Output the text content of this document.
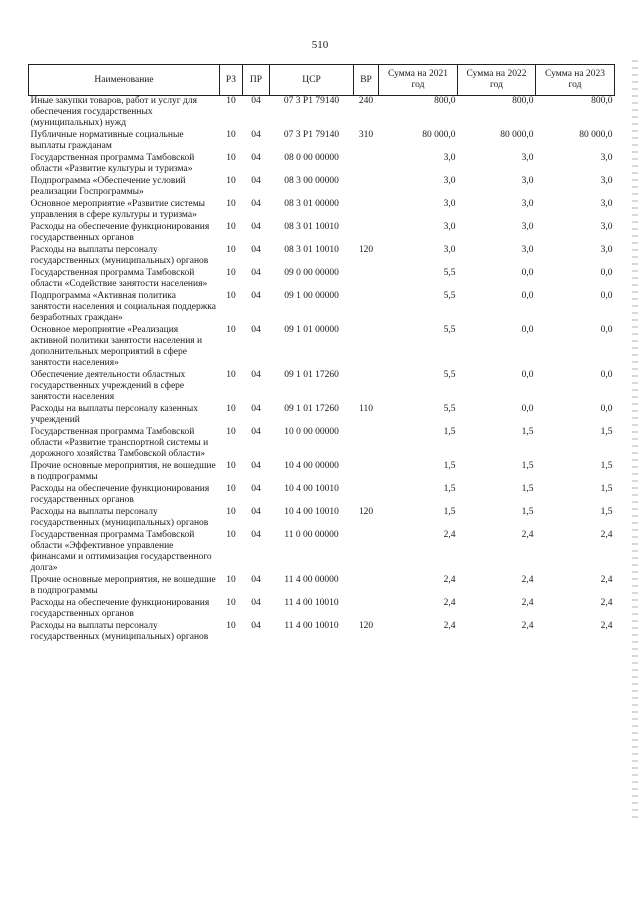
510
Наименование	РЗ	ПР	ЦСР	ВР	Сумма на 2021 год	Сумма на 2022 год	Сумма на 2023 год
Иные закупки товаров, работ и услуг для обеспечения государственных (муниципальных) нужд	10	04	07 3 Р1 79140	240	800,0	800,0	800,0
Публичные нормативные социальные выплаты гражданам	10	04	07 3 Р1 79140	310	80 000,0	80 000,0	80 000,0
Государственная программа Тамбовской области «Развитие культуры и туризма»	10	04	08 0 00 00000		3,0	3,0	3,0
Подпрограмма «Обеспечение условий реализации Госпрограммы»	10	04	08 3 00 00000		3,0	3,0	3,0
Основное мероприятие «Развитие системы управления в сфере культуры и туризма»	10	04	08 3 01 00000		3,0	3,0	3,0
Расходы на обеспечение функционирования государственных органов	10	04	08 3 01 10010		3,0	3,0	3,0
Расходы на выплаты персоналу государственных (муниципальных) органов	10	04	08 3 01 10010	120	3,0	3,0	3,0
Государственная программа Тамбовской области «Содействие занятости населения»	10	04	09 0 00 00000		5,5	0,0	0,0
Подпрограмма «Активная политика занятости населения и социальная поддержка безработных граждан»	10	04	09 1 00 00000		5,5	0,0	0,0
Основное мероприятие «Реализация активной политики занятости населения и дополнительных мероприятий в сфере занятости населения»	10	04	09 1 01 00000		5,5	0,0	0,0
Обеспечение деятельности областных государственных учреждений в сфере занятости населения	10	04	09 1 01 17260		5,5	0,0	0,0
Расходы на выплаты персоналу казенных учреждений	10	04	09 1 01 17260	110	5,5	0,0	0,0
Государственная программа Тамбовской области «Развитие транспортной системы и дорожного хозяйства Тамбовской области»	10	04	10 0 00 00000		1,5	1,5	1,5
Прочие основные мероприятия, не вошедшие в подпрограммы	10	04	10 4 00 00000		1,5	1,5	1,5
Расходы на обеспечение функционирования государственных органов	10	04	10 4 00 10010		1,5	1,5	1,5
Расходы на выплаты персоналу государственных (муниципальных) органов	10	04	10 4 00 10010	120	1,5	1,5	1,5
Государственная программа Тамбовской области «Эффективное управление финансами и оптимизация государственного долга»	10	04	11 0 00 00000		2,4	2,4	2,4
Прочие основные мероприятия, не вошедшие в подпрограммы	10	04	11 4 00 00000		2,4	2,4	2,4
Расходы на обеспечение функционирования государственных органов	10	04	11 4 00 10010		2,4	2,4	2,4
Расходы на выплаты персоналу государственных (муниципальных) органов	10	04	11 4 00 10010	120	2,4	2,4	2,4
